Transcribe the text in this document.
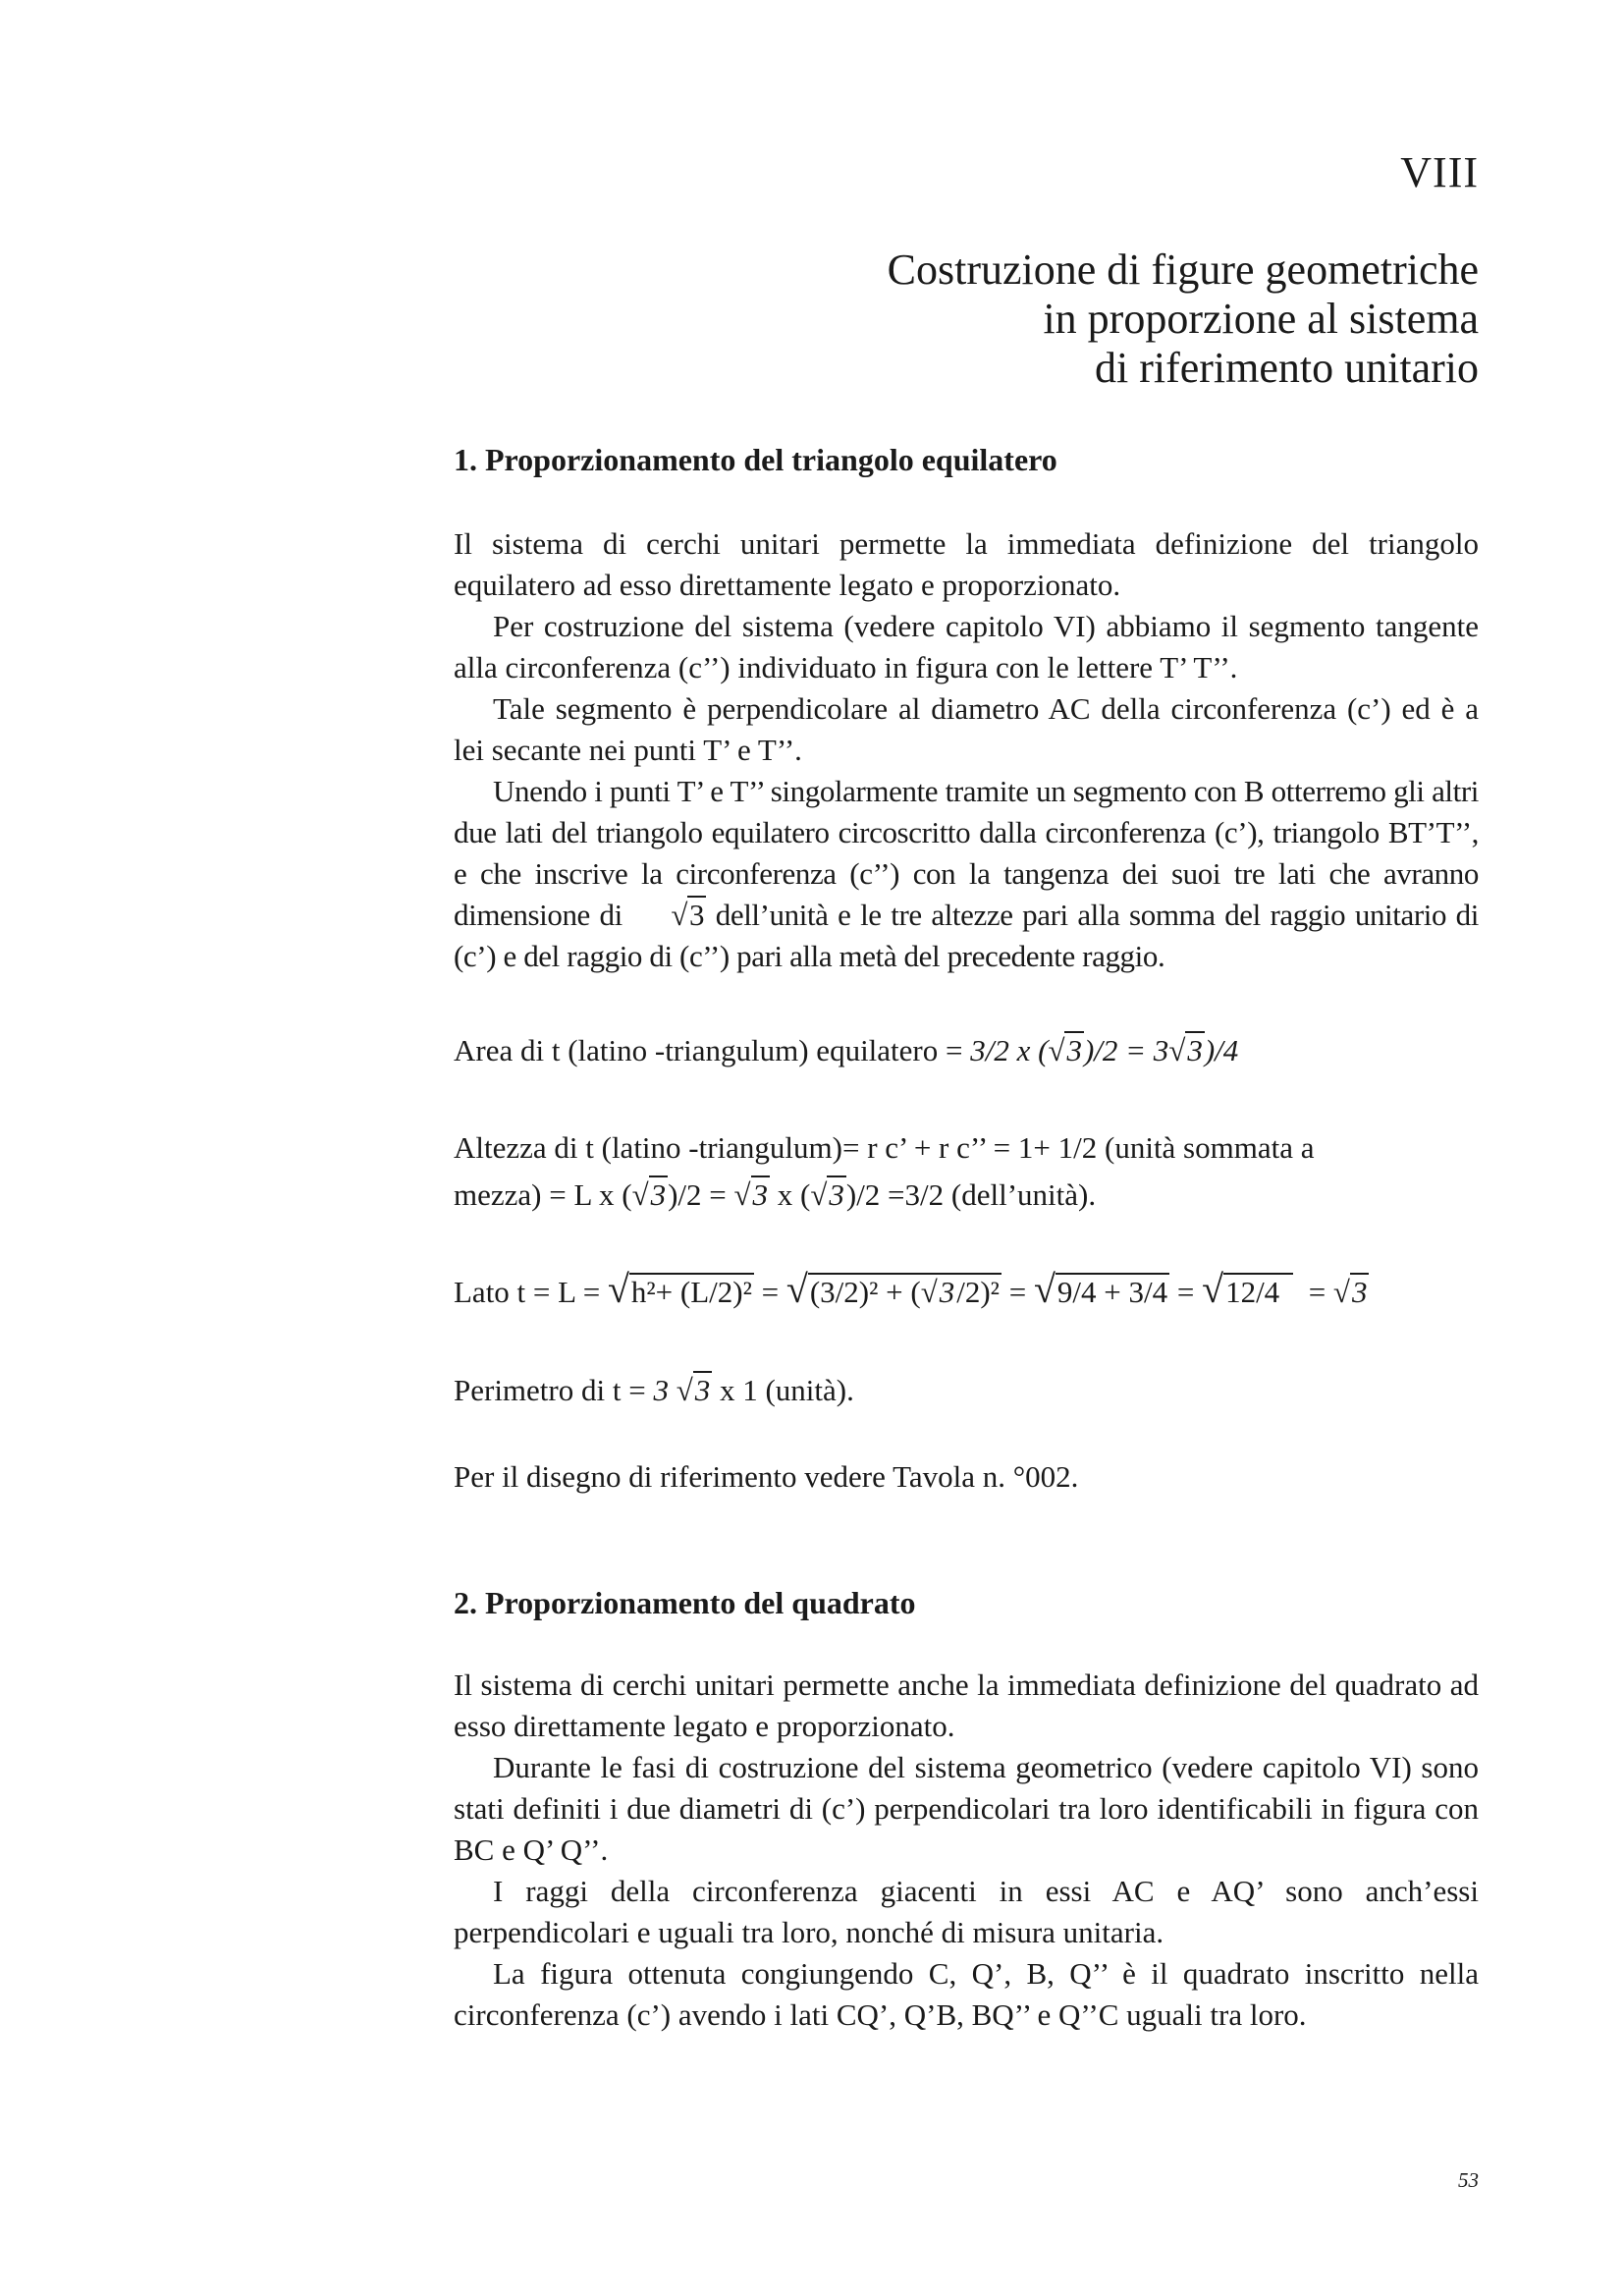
VIII
Costruzione di figure geometriche
in proporzione al sistema
di riferimento unitario
1. Proporzionamento del triangolo equilatero

Il sistema di cerchi unitari permette la immediata definizione del triangolo equilatero ad esso direttamente legato e proporzionato.

Per costruzione del sistema (vedere capitolo VI) abbiamo il segmento tangente alla circonferenza (c’’) individuato in figura con le lettere T’ T’’.

Tale segmento è perpendicolare al diametro AC della circonferenza (c’) ed è a lei secante nei punti T’ e T’’.

Unendo i punti T’ e T’’ singolarmente tramite un segmento con B otterremo gli altri due lati del triangolo equilatero circoscritto dalla circonferenza (c’), triangolo BT’T’’, e che inscrive la circonferenza (c’’) con la tangenza dei suoi tre lati che avranno dimensione di √3 dell’unità e le tre altezze pari alla somma del raggio unitario di (c’) e del raggio di (c’’) pari alla metà del precedente raggio.

Area di t (latino -triangulum) equilatero = 3/2 x (√3)/2 = 3√3)/4

Altezza di t (latino -triangulum)= r c’ + r c’’ = 1+ 1/2 (unità sommata a

mezza) = L x (√3)/2 = √3 x (√3)/2 =3/2 (dell’unità).

Lato t = L = √h²+ (L/2)² = √(3/2)² + (√3/2)² = √9/4 + 3/4 = √12/4  = √3

Perimetro di t = 3 √3 x 1 (unità).

Per il disegno di riferimento vedere Tavola n. °002.

2. Proporzionamento del quadrato

Il sistema di cerchi unitari permette anche la immediata definizione del quadrato ad esso direttamente legato e proporzionato.

Durante le fasi di costruzione del sistema geometrico (vedere capitolo VI) sono stati definiti i due diametri di (c’) perpendicolari tra loro identificabili in figura con BC e Q’ Q’’.

I raggi della circonferenza giacenti in essi AC e AQ’ sono anch’essi perpendicolari e uguali tra loro, nonché di misura unitaria.

La figura ottenuta congiungendo C, Q’, B, Q’’ è il quadrato inscritto nella circonferenza (c’) avendo i lati CQ’, Q’B, BQ’’ e Q’’C uguali tra loro.

53
